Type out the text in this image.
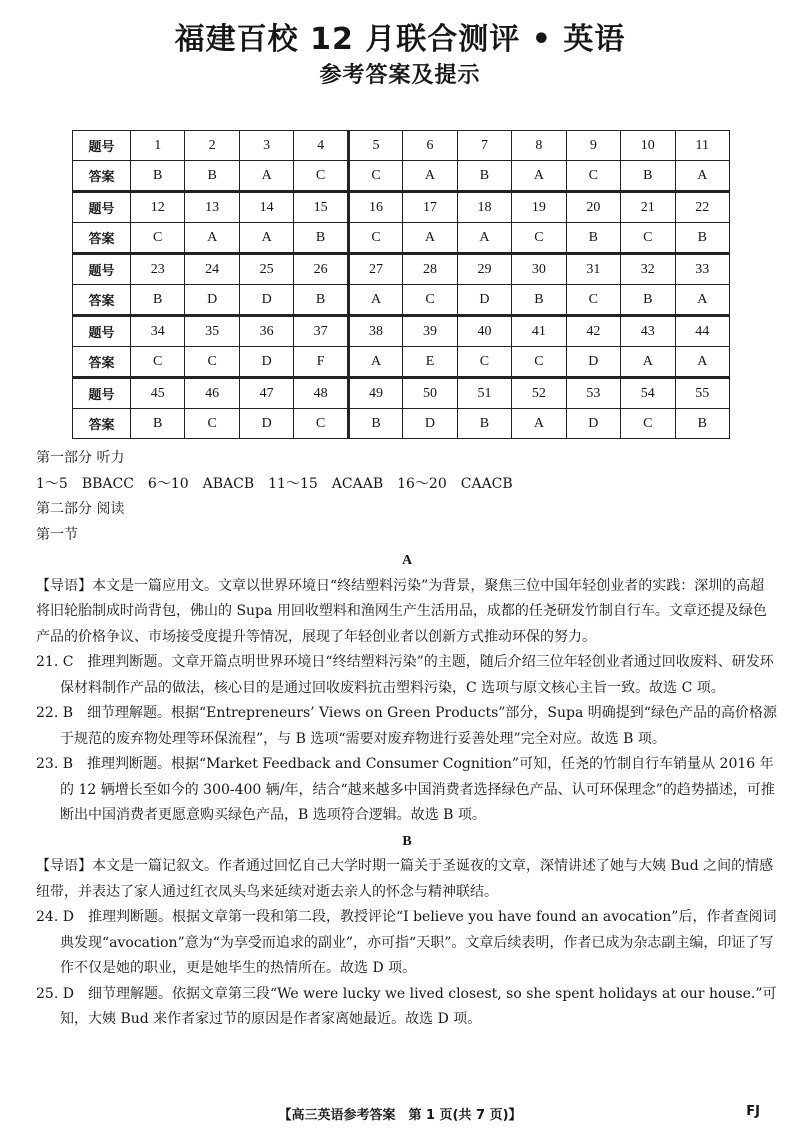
福建百校 12 月联合测评 • 英语
参考答案及提示
题号	1	2	3	4	5	6	7	8	9	10	11
答案	B	B	A	C	C	A	B	A	C	B	A
题号	12	13	14	15	16	17	18	19	20	21	22
答案	C	A	A	B	C	A	A	C	B	C	B
题号	23	24	25	26	27	28	29	30	31	32	33
答案	B	D	D	B	A	C	D	B	C	B	A
题号	34	35	36	37	38	39	40	41	42	43	44
答案	C	C	D	F	A	E	C	C	D	A	A
题号	45	46	47	48	49	50	51	52	53	54	55
答案	B	C	D	C	B	D	B	A	D	C	B

第一部分 听力

1～5　BBACC　6～10　ABACB　11～15　ACAAB　16～20　CAACB

第二部分 阅读

第一节

A

【导语】本文是一篇应用文。文章以世界环境日“终结塑料污染”为背景，聚焦三位中国年轻创业者的实践：深圳的高超将旧轮胎制成时尚背包，佛山的 Supa 用回收塑料和渔网生产生活用品，成都的任尧研发竹制自行车。文章还提及绿色产品的价格争议、市场接受度提升等情况，展现了年轻创业者以创新方式推动环保的努力。

21. C　推理判断题。文章开篇点明世界环境日“终结塑料污染”的主题，随后介绍三位年轻创业者通过回收废料、研发环保材料制作产品的做法，核心目的是通过回收废料抗击塑料污染，C 选项与原文核心主旨一致。故选 C 项。

22. B　细节理解题。根据“Entrepreneurs’ Views on Green Products”部分，Supa 明确提到“绿色产品的高价格源于规范的废弃物处理等环保流程”，与 B 选项“需要对废弃物进行妥善处理”完全对应。故选 B 项。

23. B　推理判断题。根据“Market Feedback and Consumer Cognition”可知，任尧的竹制自行车销量从 2016 年的 12 辆增长至如今的 300-400 辆/年，结合“越来越多中国消费者选择绿色产品、认可环保理念”的趋势描述，可推断出中国消费者更愿意购买绿色产品，B 选项符合逻辑。故选 B 项。

B

【导语】本文是一篇记叙文。作者通过回忆自己大学时期一篇关于圣诞夜的文章，深情讲述了她与大姨 Bud 之间的情感纽带，并表达了家人通过红衣凤头鸟来延续对逝去亲人的怀念与精神联结。

24. D　推理判断题。根据文章第一段和第二段，教授评论“I believe you have found an avocation”后，作者查阅词典发现“avocation”意为“为享受而追求的副业”，亦可指“天职”。文章后续表明，作者已成为杂志副主编，印证了写作不仅是她的职业，更是她毕生的热情所在。故选 D 项。

25. D　细节理解题。依据文章第三段“We were lucky we lived closest, so she spent holidays at our house.”可知，大姨 Bud 来作者家过节的原因是作者家离她最近。故选 D 项。

【高三英语参考答案　第 1 页(共 7 页)】	FJ
